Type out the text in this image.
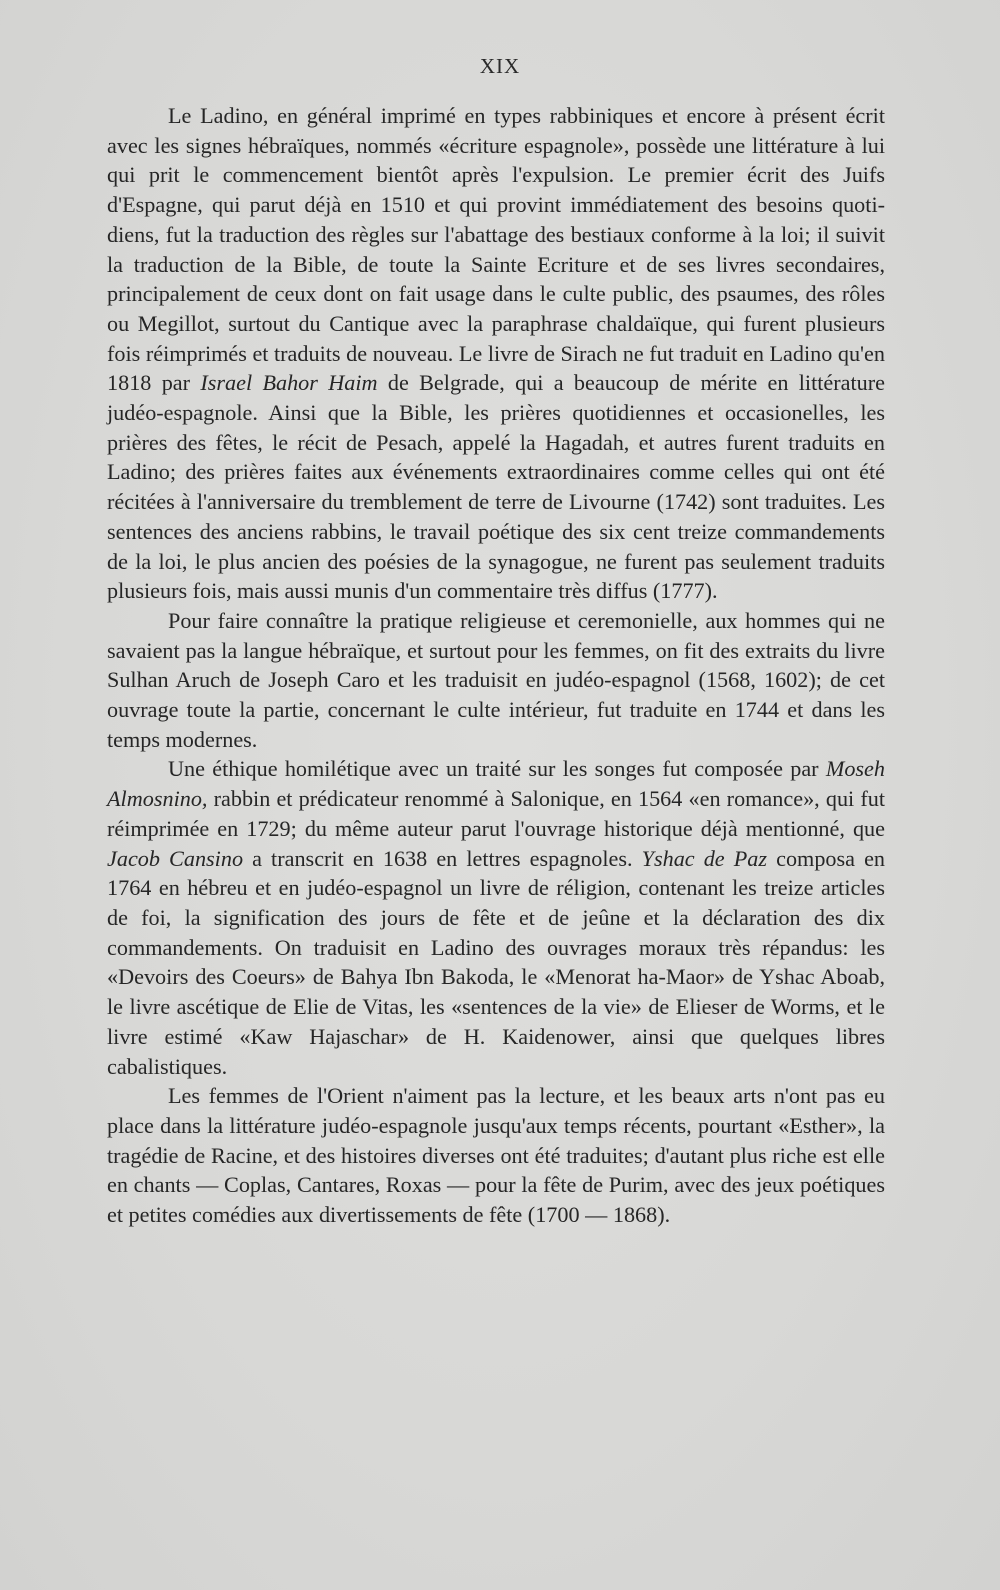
XIX

Le Ladino, en général imprimé en types rabbiniques et encore à présent écrit avec les signes hébraïques, nommés «écriture espagnole», possède une littérature à lui qui prit le commencement bientôt après l'expulsion. Le premier écrit des Juifs d'Espagne, qui parut déjà en 1510 et qui provint immédiatement des besoins quotidiens, fut la traduction des règles sur l'abattage des bestiaux conforme à la loi; il suivit la traduction de la Bible, de toute la Sainte Ecriture et de ses livres secondaires, principalement de ceux dont on fait usage dans le culte public, des psaumes, des rôles ou Megillot, surtout du Cantique avec la paraphrase chaldaïque, qui furent plusieurs fois réimprimés et traduits de nouveau. Le livre de Sirach ne fut traduit en Ladino qu'en 1818 par Israel Bahor Haim de Belgrade, qui a beaucoup de mérite en littérature judéo-espagnole. Ainsi que la Bible, les prières quotidiennes et occasionelles, les prières des fêtes, le récit de Pesach, appelé la Hagadah, et autres furent traduits en Ladino; des prières faites aux événements extraordinaires comme celles qui ont été récitées à l'anniversaire du tremblement de terre de Livourne (1742) sont traduites. Les sentences des anciens rabbins, le travail poétique des six cent treize commandements de la loi, le plus ancien des poésies de la synagogue, ne furent pas seulement traduits plusieurs fois, mais aussi munis d'un commentaire très diffus (1777).

Pour faire connaître la pratique religieuse et ceremonielle, aux hommes qui ne savaient pas la langue hébraïque, et surtout pour les femmes, on fit des extraits du livre Sulhan Aruch de Joseph Caro et les traduisit en judéo-espagnol (1568, 1602); de cet ouvrage toute la partie, concernant le culte intérieur, fut traduite en 1744 et dans les temps modernes.

Une éthique homilétique avec un traité sur les songes fut composée par Moseh Almosnino, rabbin et prédicateur renommé à Salonique, en 1564 «en romance», qui fut réimprimée en 1729; du même auteur parut l'ouvrage historique déjà mentionné, que Jacob Cansino a transcrit en 1638 en lettres espagnoles. Yshac de Paz composa en 1764 en hébreu et en judéo-espagnol un livre de réligion, contenant les treize articles de foi, la signification des jours de fête et de jeûne et la déclaration des dix commandements. On traduisit en Ladino des ouvrages moraux très répandus: les «Devoirs des Coeurs» de Bahya Ibn Bakoda, le «Menorat ha-Maor» de Yshac Aboab, le livre ascétique de Elie de Vitas, les «sentences de la vie» de Elieser de Worms, et le livre estimé «Kaw Hajaschar» de H. Kaidenower, ainsi que quelques libres cabalistiques.

Les femmes de l'Orient n'aiment pas la lecture, et les beaux arts n'ont pas eu place dans la littérature judéo-espagnole jusqu'aux temps récents, pourtant «Esther», la tragédie de Racine, et des histoires diverses ont été traduites; d'autant plus riche est elle en chants — Coplas, Cantares, Roxas — pour la fête de Purim, avec des jeux poétiques et petites comédies aux divertissements de fête (1700 — 1868).
